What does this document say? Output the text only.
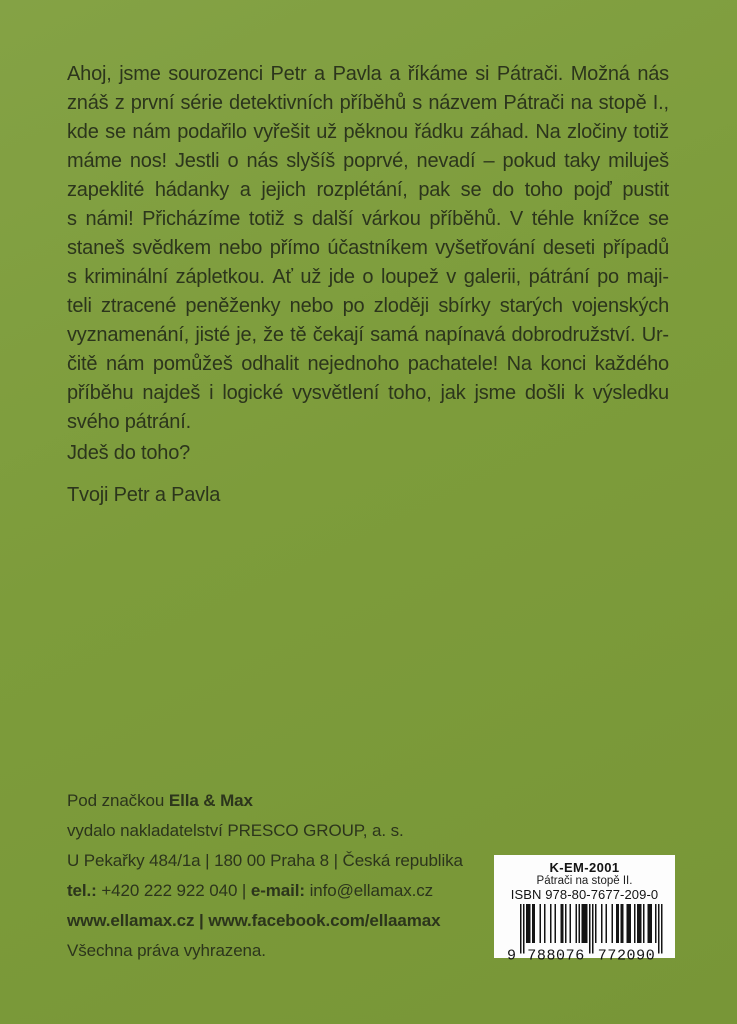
Ahoj, jsme sourozenci Petr a Pavla a říkáme si Pátrači. Možná nás
znáš z první série detektivních příběhů s názvem Pátrači na stopě I.,
kde se nám podařilo vyřešit už pěknou řádku záhad. Na zločiny totiž
máme nos! Jestli o nás slyšíš poprvé, nevadí – pokud taky miluješ
zapeklité hádanky a jejich rozplétání, pak se do toho pojď pustit
s námi! Přicházíme totiž s další várkou příběhů. V téhle knížce se
staneš svědkem nebo přímo účastníkem vyšetřování deseti případů
s kriminální zápletkou. Ať už jde o loupež v galerii, pátrání po maji-
teli ztracené peněženky nebo po zloději sbírky starých vojenských
vyznamenání, jisté je, že tě čekají samá napínavá dobrodružství. Ur-
čitě nám pomůžeš odhalit nejednoho pachatele! Na konci každého
příběhu najdeš i logické vysvětlení toho, jak jsme došli k výsledku
svého pátrání.
Jdeš do toho?
Tvoji Petr a Pavla
Pod značkou Ella & Max
vydalo nakladatelství PRESCO GROUP, a. s.
U Pekařky 484/1a | 180 00 Praha 8 | Česká republika
tel.: +420 222 922 040 | e-mail: info@ellamax.cz
www.ellamax.cz | www.facebook.com/ellaamax
Všechna práva vyhrazena.
K-EM-2001
Pátrači na stopě II.
ISBN 978-80-7677-209-0
9 788076 772090
